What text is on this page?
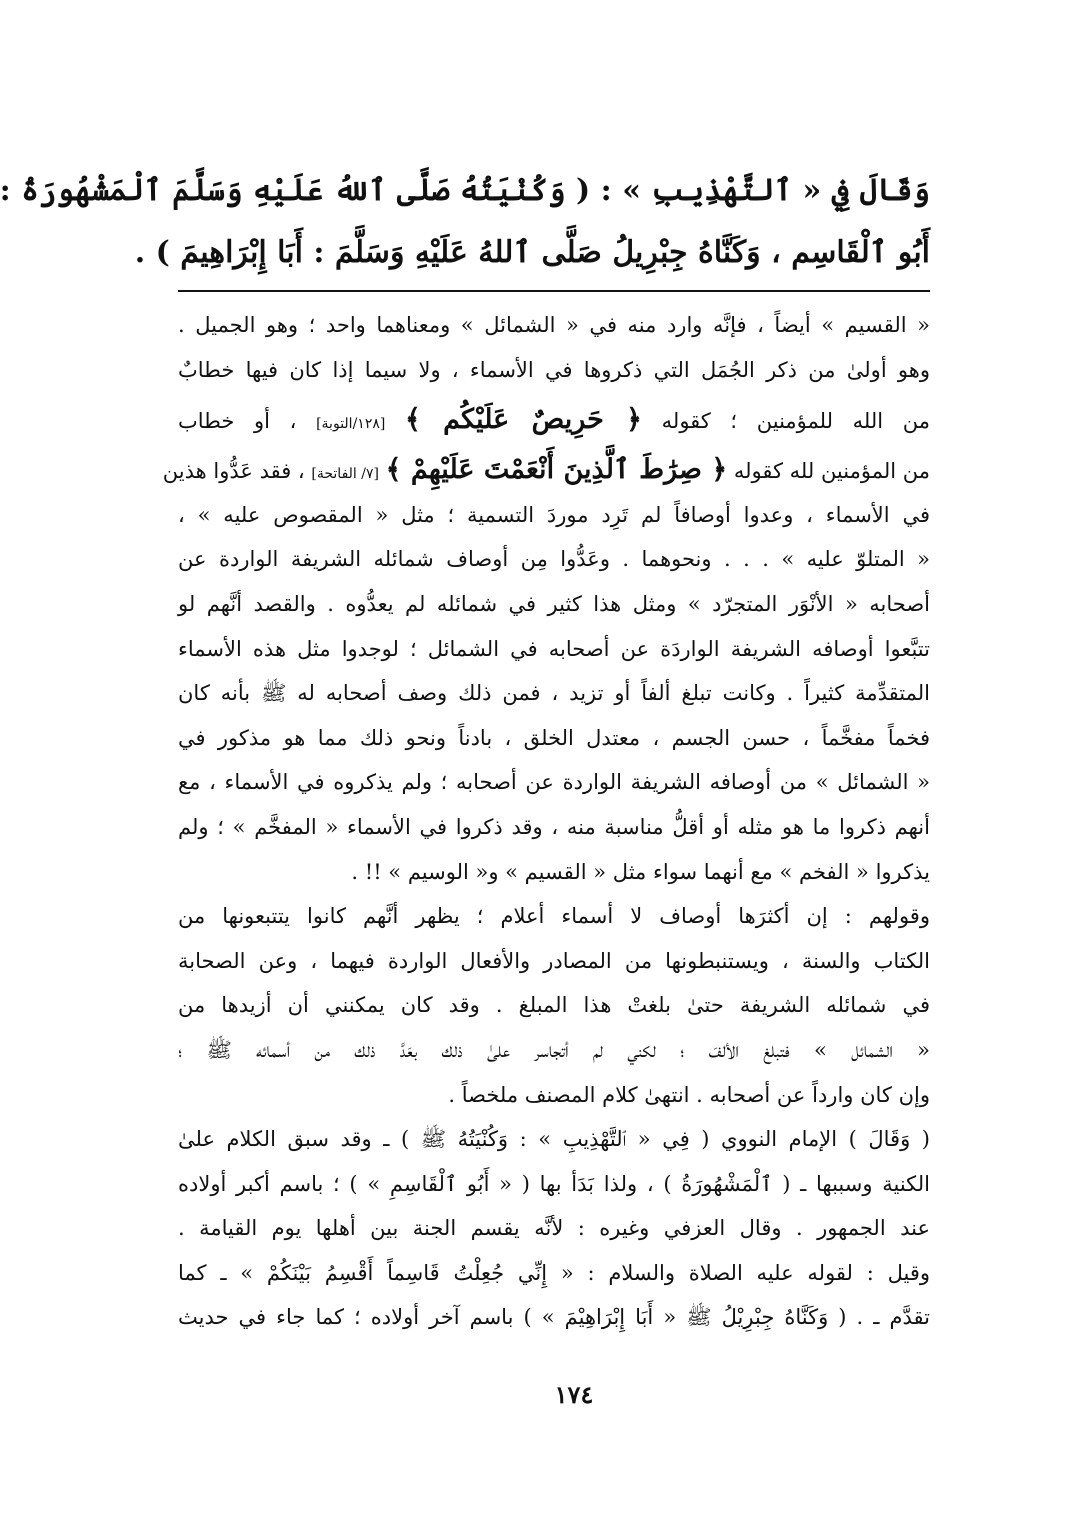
وَقَالَ فِي « ٱلتَّهْذِيبِ » : ( وَكُنْيَتُهُ صَلَّى ٱللهُ عَلَيْهِ وَسَلَّمَ ٱلْمَشْهُورَةُ :
أَبُو ٱلْقَاسِم ، وَكَنَّاهُ جِبْرِيلُ صَلَّى ٱللهُ عَلَيْهِ وَسَلَّمَ : أَبَا إِبْرَاهِيمَ ) .
« القسيم » أيضاً ، فإنَّه وارد منه في « الشمائل » ومعناهما واحد ؛ وهو الجميل .
وهو أولىٰ من ذكر الجُمَل التي ذكروها في الأسماء ، ولا سيما إذا كان فيها خطابٌ
من الله للمؤمنين ؛ كقوله ﴿ حَرِيصٌ عَلَيْكُم ﴾ [١٢٨/التوبة] ، أو خطاب
من المؤمنين لله كقوله ﴿ صِرَٰطَ ٱلَّذِينَ أَنْعَمْتَ عَلَيْهِمْ ﴾ [٧/ الفاتحة] ، فقد عَدُّوا هذين
في الأسماء ، وعدوا أوصافاً لم تَرِد موردَ التسمية ؛ مثل « المقصوص عليه » ،
« المتلوّ عليه » . . . ونحوهما . وعَدُّوا مِن أوصاف شمائله الشريفة الواردة عن
أصحابه « الأنْوَر المتجرّد » ومثل هذا كثير في شمائله لم يعدُّوه . والقصد أنَّهم لو
تتبَّعوا أوصافه الشريفة الواردَة عن أصحابه في الشمائل ؛ لوجدوا مثل هذه الأسماء
المتقدِّمة كثيراً . وكانت تبلغ ألفاً أو تزيد ، فمن ذلك وصف أصحابه له ﷺ بأنه كان
فخماً مفخَّماً ، حسن الجسم ، معتدل الخلق ، بادناً ونحو ذلك مما هو مذكور في
« الشمائل » من أوصافه الشريفة الواردة عن أصحابه ؛ ولم يذكروه في الأسماء ، مع
أنهم ذكروا ما هو مثله أو أقلُّ مناسبة منه ، وقد ذكروا في الأسماء « المفخَّم » ؛ ولم
يذكروا « الفخم » مع أنهما سواء مثل « القسيم » و« الوسيم » !! .
وقولهم : إن أكثرَها أوصاف لا أسماء أعلام ؛ يظهر أنَّهم كانوا يتتبعونها من
الكتاب والسنة ، ويستنبطونها من المصادر والأفعال الواردة فيهما ، وعن الصحابة
في شمائله الشريفة حتىٰ بلغتْ هذا المبلغ . وقد كان يمكنني أن أزيدها من
« الشمائل » فتبلغ الألفَ ؛ لكني لم أتجاسر علىٰ ذلك بعَدَّ ذلك من أسمائه ﷺ ؛
وإن كان وارداً عن أصحابه . انتهىٰ كلام المصنف ملخصاً .
( وَقَالَ ) الإمام النووي ( فِي « ٱلتَّهْذِيبِ » : وَكُنْيَتُهُ ﷺ ) ـ وقد سبق الكلام علىٰ
الكنية وسببها ـ ( ٱلْمَشْهُورَةُ ) ، ولذا بَدَأ بها ( « أَبُو ٱلْقَاسِمِ » ) ؛ باسم أكبر أولاده
عند الجمهور . وقال العزفي وغيره : لأنَّه يقسم الجنة بين أهلها يوم القيامة .
وقيل : لقوله عليه الصلاة والسلام : « إِنِّي جُعِلْتُ قَاسِماً أَقْسِمُ بَيْنَكُمْ » ـ كما
تقدَّم ـ . ( وَكَنَّاهُ جِبْرِيْلُ ﷺ « أَبَا إِبْرَاهِيْمَ » ) باسم آخر أولاده ؛ كما جاء في حديث
١٧٤
